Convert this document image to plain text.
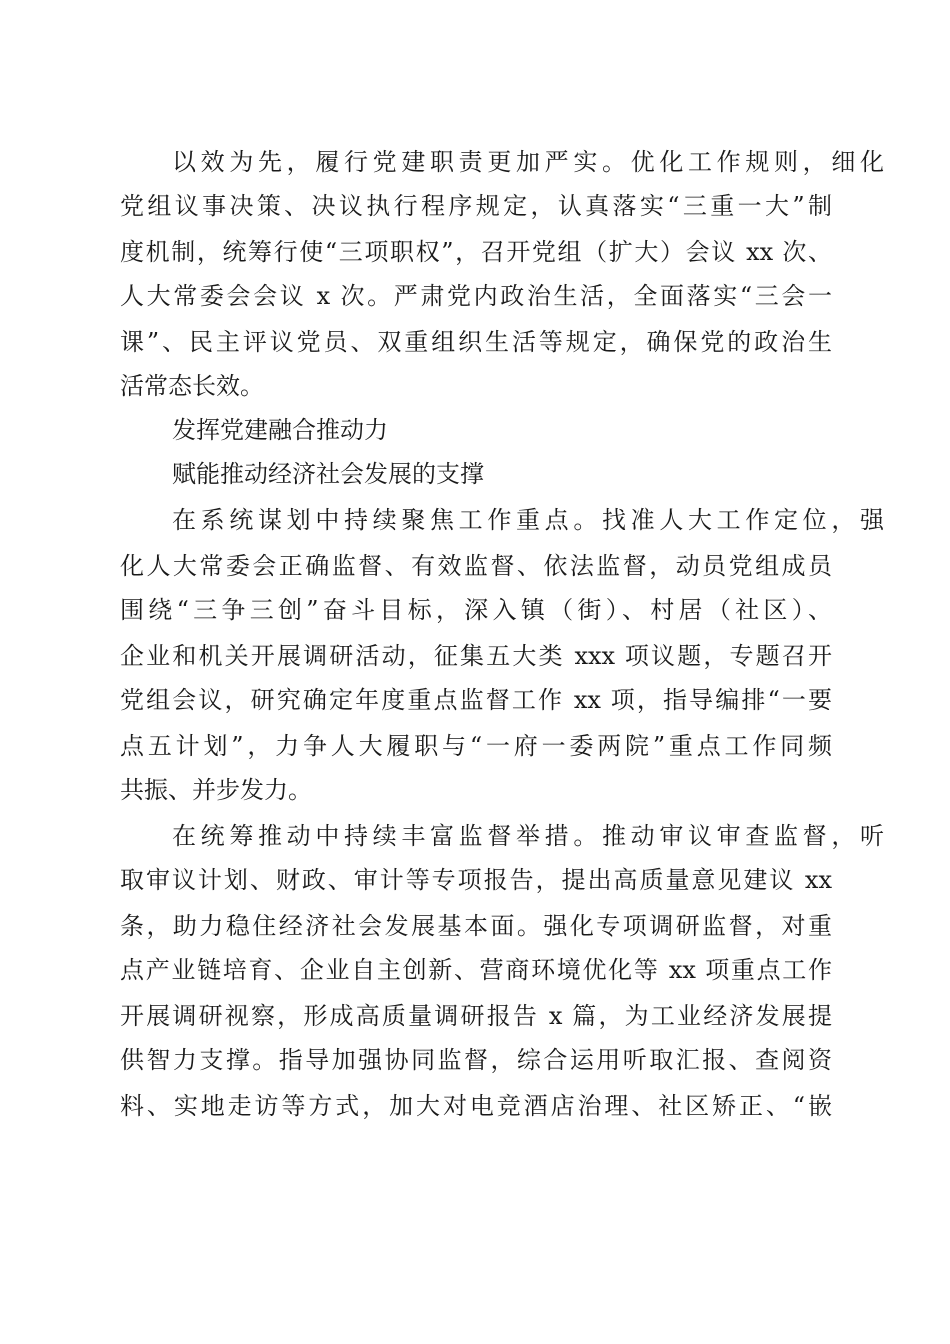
以效为先，履行党建职责更加严实。优化工作规则，细化
党组议事决策、决议执行程序规定，认真落实“三重一大”制
度机制，统筹行使“三项职权”，召开党组（扩大）会议 xx 次、
人大常委会会议 x 次。严肃党内政治生活，全面落实“三会一
课”、民主评议党员、双重组织生活等规定，确保党的政治生
活常态长效。
发挥党建融合推动力
赋能推动经济社会发展的支撑
在系统谋划中持续聚焦工作重点。找准人大工作定位，强
化人大常委会正确监督、有效监督、依法监督，动员党组成员
围绕“三争三创”奋斗目标，深入镇（街）、村居（社区）、
企业和机关开展调研活动，征集五大类 xxx 项议题，专题召开
党组会议，研究确定年度重点监督工作 xx 项，指导编排“一要
点五计划”，力争人大履职与“一府一委两院”重点工作同频
共振、并步发力。
在统筹推动中持续丰富监督举措。推动审议审查监督，听
取审议计划、财政、审计等专项报告，提出高质量意见建议 xx
条，助力稳住经济社会发展基本面。强化专项调研监督，对重
点产业链培育、企业自主创新、营商环境优化等 xx 项重点工作
开展调研视察，形成高质量调研报告 x 篇，为工业经济发展提
供智力支撑。指导加强协同监督，综合运用听取汇报、查阅资
料、实地走访等方式，加大对电竞酒店治理、社区矫正、“嵌
